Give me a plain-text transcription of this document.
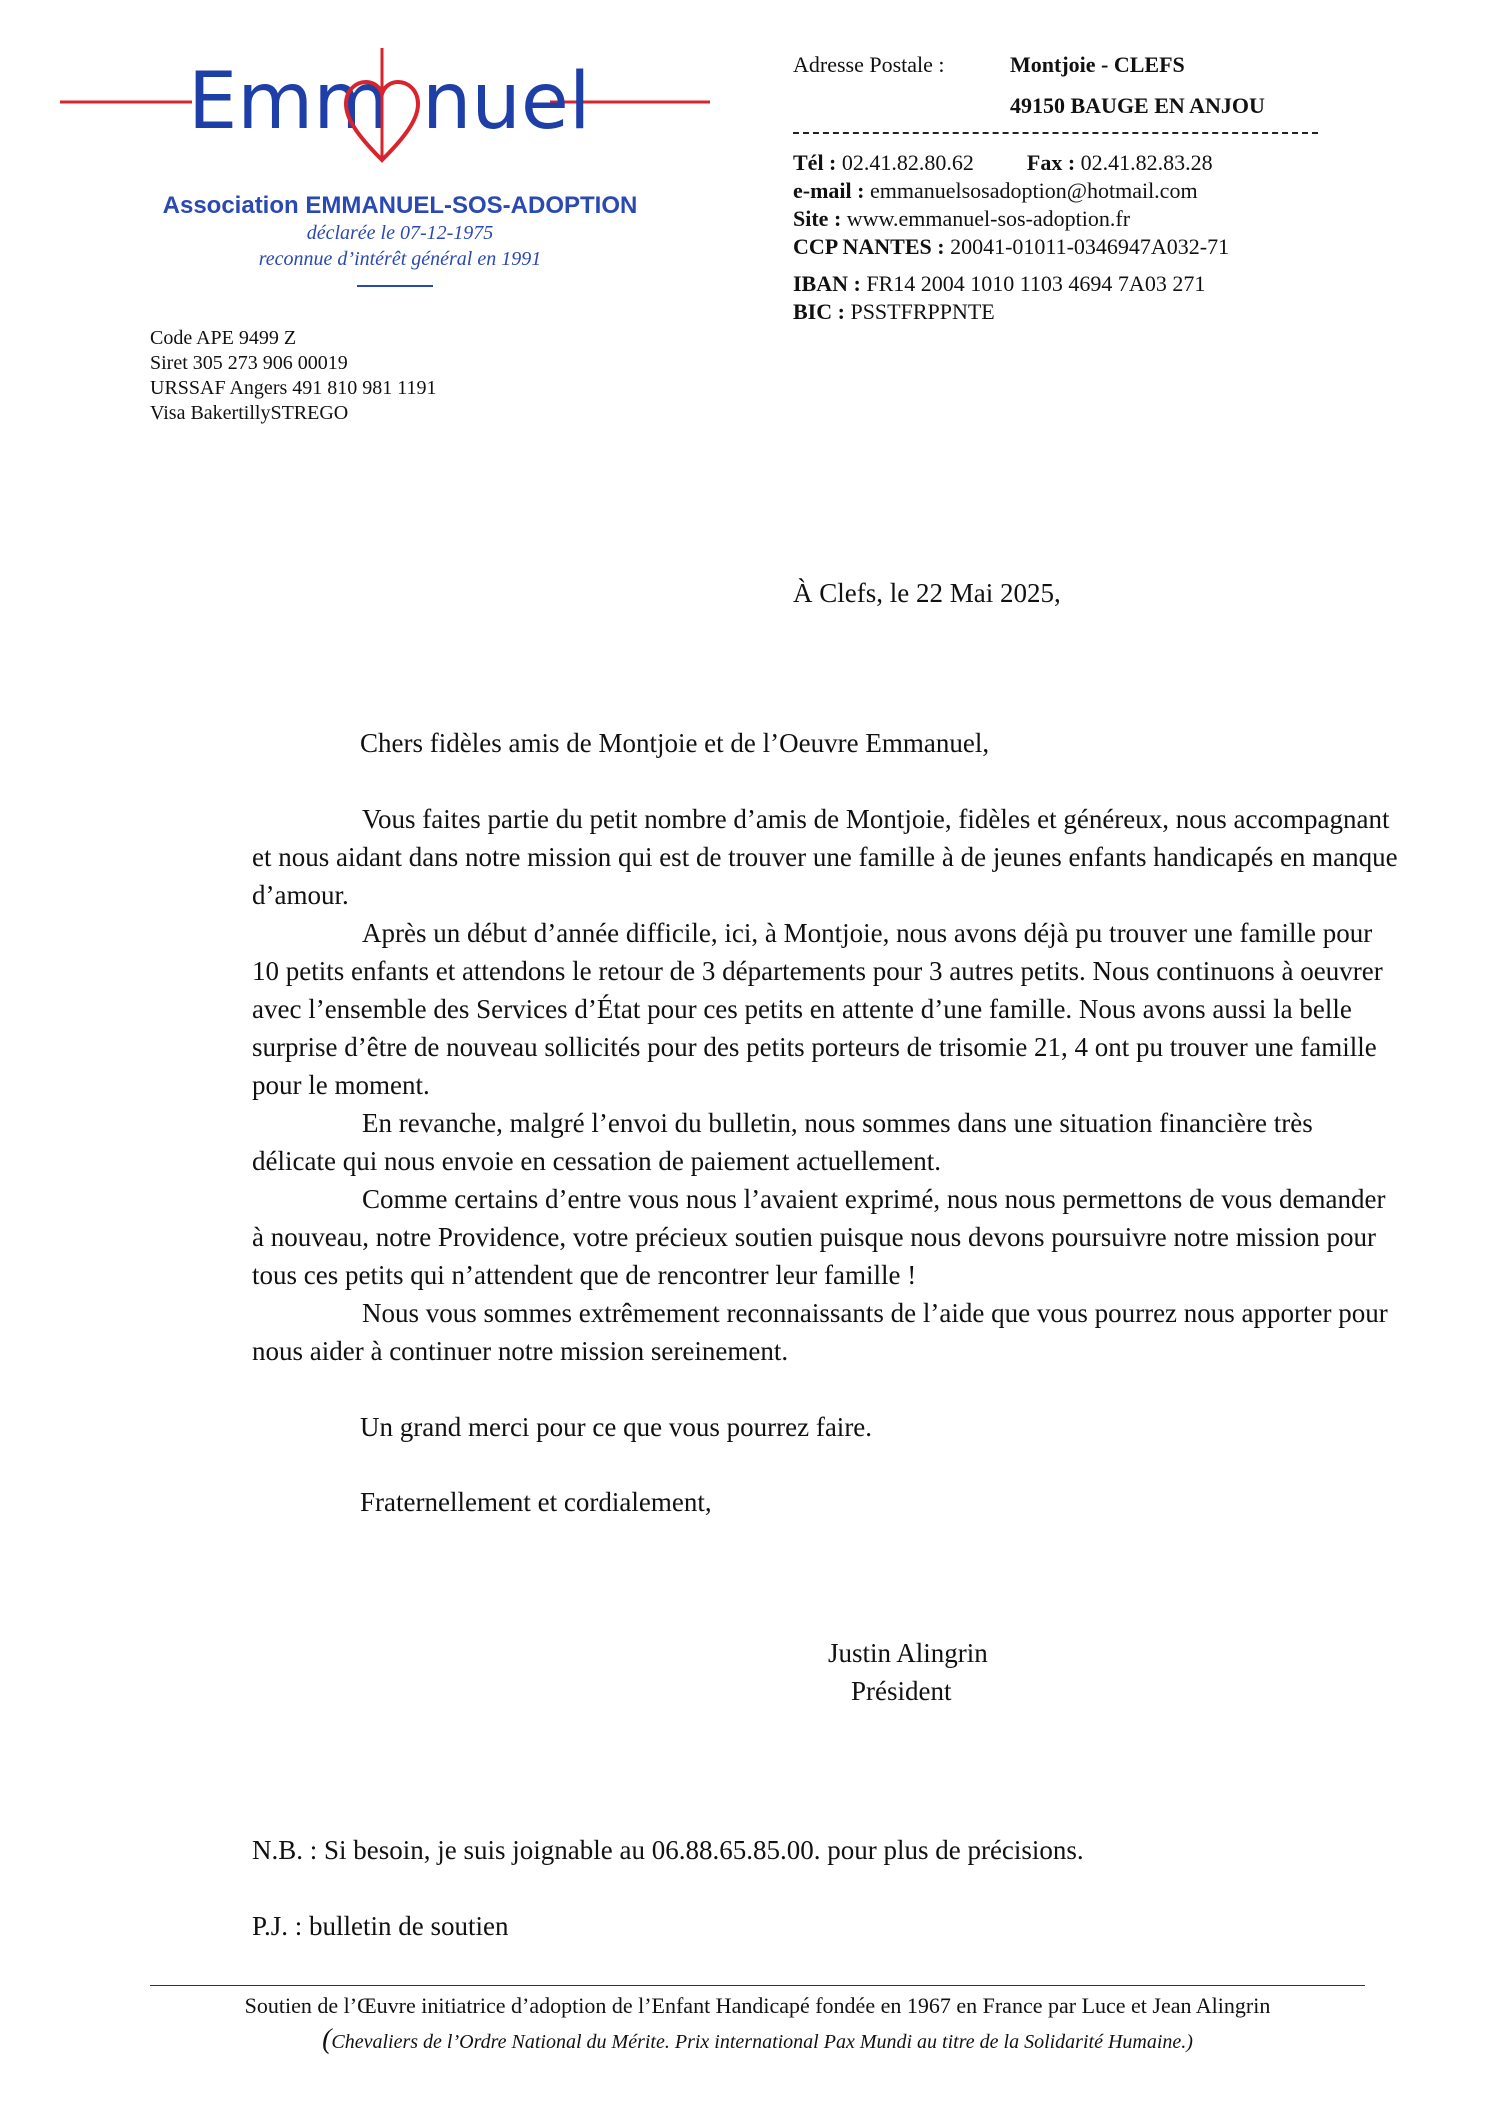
Emm nuel
Association EMMANUEL-SOS-ADOPTION
déclarée le 07-12-1975
reconnue d’intérêt général en 1991
Code APE 9499 Z
Siret 305 273 906 00019
URSSAF Angers 491 810 981 1191
Visa BakertillySTREGO
Adresse Postale :	Montjoie - CLEFS
49150 BAUGE EN ANJOU
Tél : 02.41.82.80.62 Fax : 02.41.82.83.28
e-mail : emmanuelsosadoption@hotmail.com
Site : www.emmanuel-sos-adoption.fr
CCP NANTES : 20041-01011-0346947A032-71
IBAN : FR14 2004 1010 1103 4694 7A03 271
BIC : PSSTFRPPNTE
À Clefs, le 22 Mai 2025,
Chers fidèles amis de Montjoie et de l’Oeuvre Emmanuel,

Vous faites partie du petit nombre d’amis de Montjoie, fidèles et généreux, nous accompagnant et nous aidant dans notre mission qui est de trouver une famille à de jeunes enfants handicapés en manque d’amour.

Après un début d’année difficile, ici, à Montjoie, nous avons déjà pu trouver une famille pour 10 petits enfants et attendons le retour de 3 départements pour 3 autres petits. Nous continuons à oeuvrer avec l’ensemble des Services d’État pour ces petits en attente d’une famille. Nous avons aussi la belle surprise d’être de nouveau sollicités pour des petits porteurs de trisomie 21, 4 ont pu trouver une famille pour le moment.

En revanche, malgré l’envoi du bulletin, nous sommes dans une situation financière très délicate qui nous envoie en cessation de paiement actuellement.

Comme certains d’entre vous nous l’avaient exprimé, nous nous permettons de vous demander à nouveau, notre Providence, votre précieux soutien puisque nous devons poursuivre notre mission pour tous ces petits qui n’attendent que de rencontrer leur famille !

Nous vous sommes extrêmement reconnaissants de l’aide que vous pourrez nous apporter pour nous aider à continuer notre mission sereinement.

Un grand merci pour ce que vous pourrez faire.
Fraternellement et cordialement,
Justin Alingrin
Président
N.B. : Si besoin, je suis joignable au 06.88.65.85.00. pour plus de précisions.
P.J. : bulletin de soutien
Soutien de l’Œuvre initiatrice d’adoption de l’Enfant Handicapé fondée en 1967 en France par Luce et Jean Alingrin
(Chevaliers de l’Ordre National du Mérite. Prix international Pax Mundi au titre de la Solidarité Humaine.)
